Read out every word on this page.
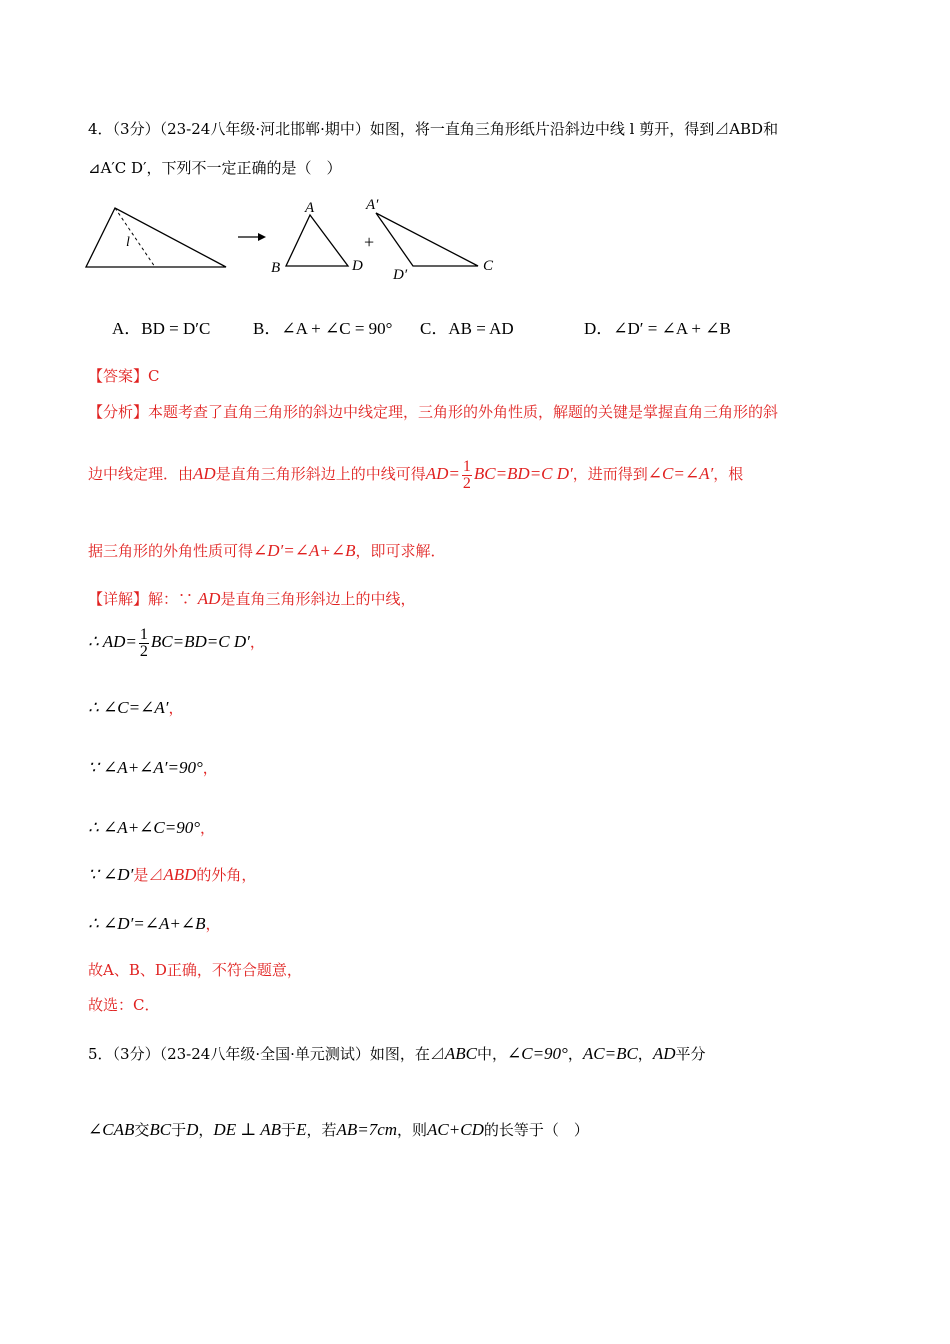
4．（3分）（23-24八年级·河北邯郸·期中）如图，将一直角三角形纸片沿斜边中线 l 剪开，得到⊿ABD和
⊿A′C D′，下列不一定正确的是（　）
l
A
B	D
+
A′
D′
C
A．BD = D′C	B．∠A + ∠C = 90° C．AB = AD	D．∠D′ = ∠A + ∠B
【答案】C
【分析】本题考查了直角三角形的斜边中线定理，三角形的外角性质，解题的关键是掌握直角三角形的斜
边中线定理．由AD是直角三角形斜边上的中线可得$AD= \frac{1}{2} BC=BD=C$ D′，进而得到∠C=∠A′，根
据三角形的外角性质可得∠D′=∠A+∠B，即可求解．
【详解】解：∵ AD是直角三角形斜边上的中线，
∴ $AD= \frac{1}{2} BC=BD=C$ D′，
∴ ∠C=∠A′，
∵ ∠A+∠A′=90°，
∴ ∠A+∠C=90°，
∵ ∠D′是⊿ABD的外角，
∴ ∠D′=∠A+∠B，
故A、B、D正确，不符合题意，
故选：C．
5．（3分）（23-24八年级·全国·单元测试）如图，在⊿ABC中，∠C=90°，AC=BC，AD平分
∠CAB交BC于D，DE ⊥ AB于E，若AB=7cm，则AC+CD的长等于（　）
